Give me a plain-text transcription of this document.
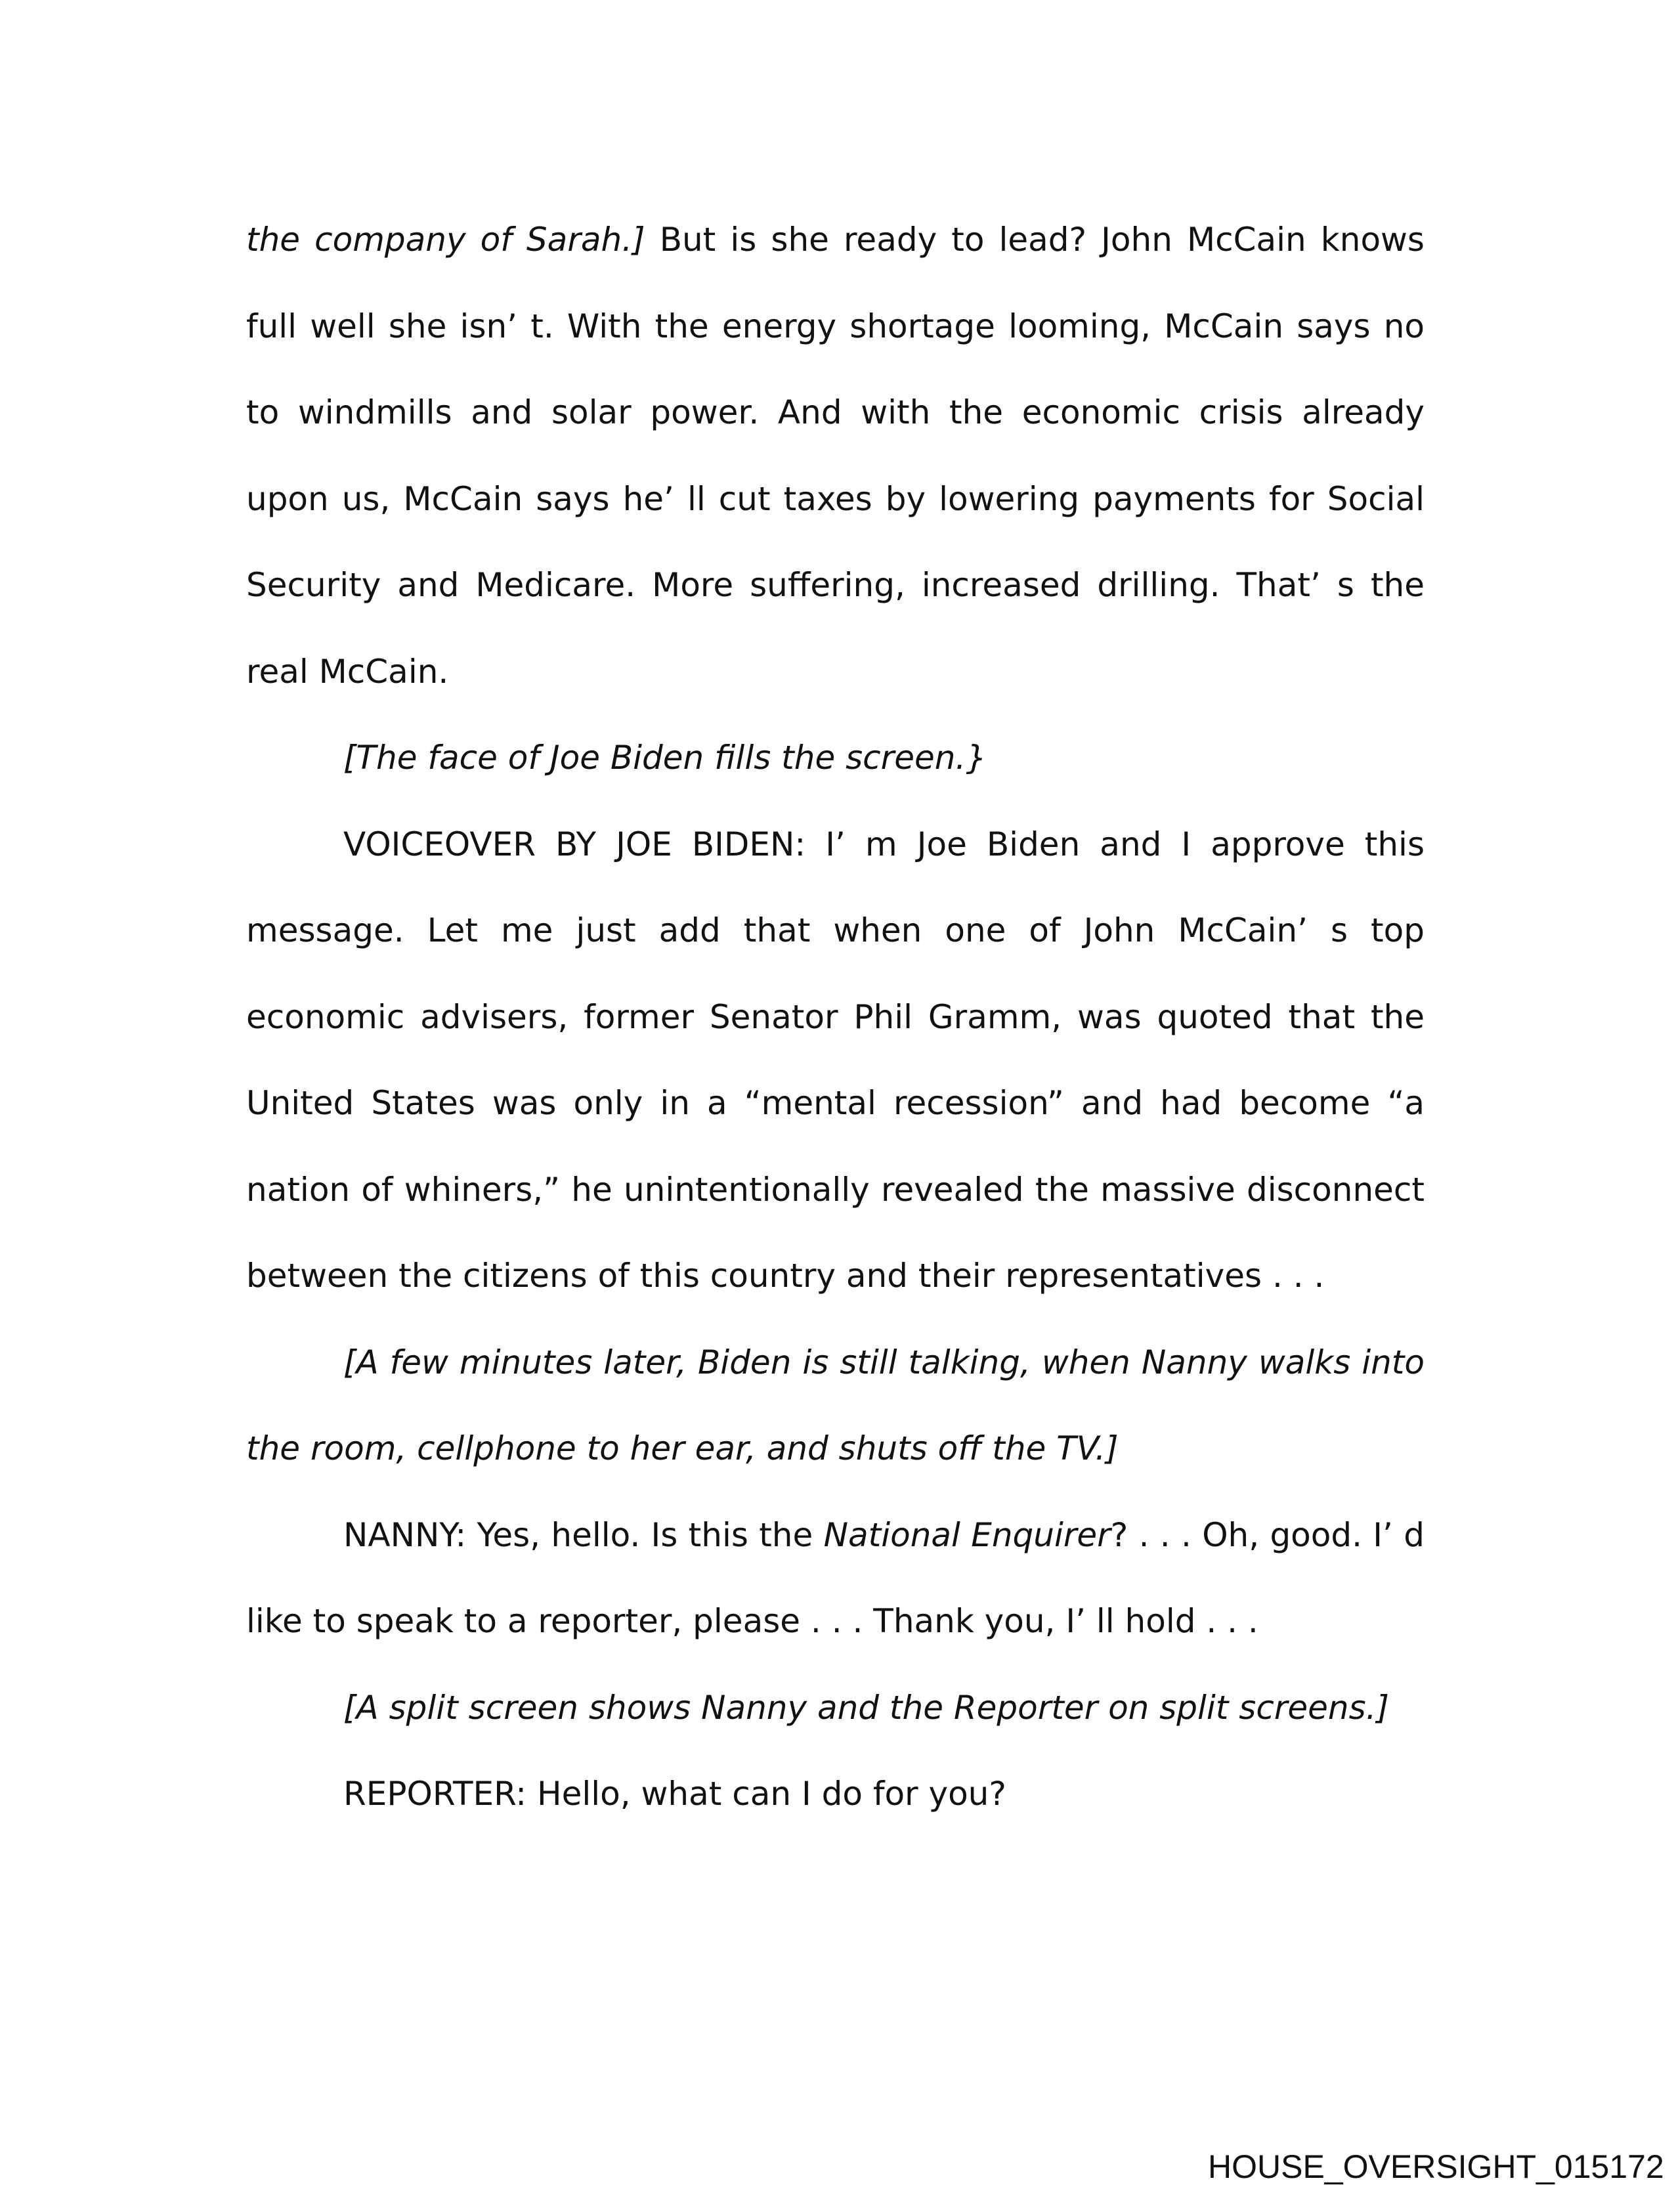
the company of Sarah.] But is she ready to lead? John McCain knows full well she isn’ t. With the energy shortage looming, McCain says no to windmills and solar power. And with the economic crisis already upon us, McCain says he’ ll cut taxes by lowering payments for Social Security and Medicare. More suffering, increased drilling. That’ s the real McCain.

[The face of Joe Biden fills the screen.}

VOICEOVER BY JOE BIDEN: I’ m Joe Biden and I approve this message. Let me just add that when one of John McCain’ s top economic advisers, former Senator Phil Gramm, was quoted that the United States was only in a “mental recession” and had become “a nation of whiners,” he unintentionally revealed the massive disconnect between the citizens of this country and their representatives . . .

[A few minutes later, Biden is still talking, when Nanny walks into the room, cellphone to her ear, and shuts off the TV.]

NANNY: Yes, hello. Is this the National Enquirer? . . . Oh, good. I’ d like to speak to a reporter, please . . . Thank you, I’ ll hold . . .

[A split screen shows Nanny and the Reporter on split screens.]

REPORTER: Hello, what can I do for you?

HOUSE_OVERSIGHT_015172
